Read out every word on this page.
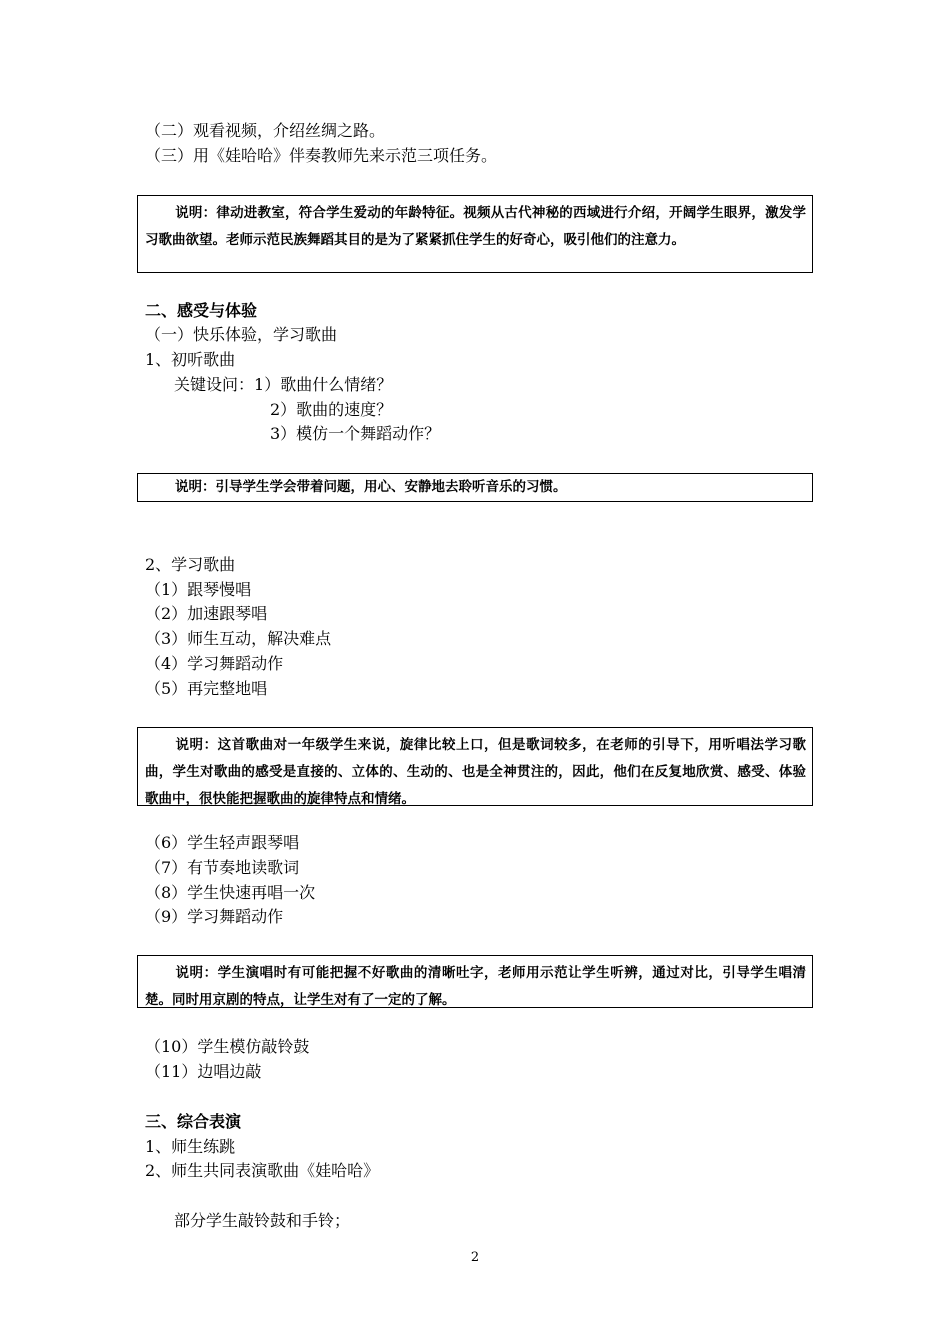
（二）观看视频，介绍丝绸之路。
（三）用《娃哈哈》伴奏教师先来示范三项任务。
说明：律动进教室，符合学生爱动的年龄特征。视频从古代神秘的西域进行介绍，开阔学生眼界，激发学习歌曲欲望。老师示范民族舞蹈其目的是为了紧紧抓住学生的好奇心，吸引他们的注意力。
二、感受与体验
（一）快乐体验，学习歌曲
1、初听歌曲
关键设问：1）歌曲什么情绪？
2）歌曲的速度？
3）模仿一个舞蹈动作？
说明：引导学生学会带着问题，用心、安静地去聆听音乐的习惯。
2、学习歌曲
（1）跟琴慢唱
（2）加速跟琴唱
（3）师生互动，解决难点
（4）学习舞蹈动作
（5）再完整地唱
说明：这首歌曲对一年级学生来说，旋律比较上口，但是歌词较多，在老师的引导下，用听唱法学习歌曲，学生对歌曲的感受是直接的、立体的、生动的、也是全神贯注的，因此，他们在反复地欣赏、感受、体验歌曲中，很快能把握歌曲的旋律特点和情绪。
（6）学生轻声跟琴唱
（7）有节奏地读歌词
（8）学生快速再唱一次
（9）学习舞蹈动作
说明：学生演唱时有可能把握不好歌曲的清晰吐字，老师用示范让学生听辨，通过对比，引导学生唱清楚。同时用京剧的特点，让学生对有了一定的了解。
（10）学生模仿敲铃鼓
（11）边唱边敲
三、综合表演
1、师生练跳
2、师生共同表演歌曲《娃哈哈》
部分学生敲铃鼓和手铃；
2
